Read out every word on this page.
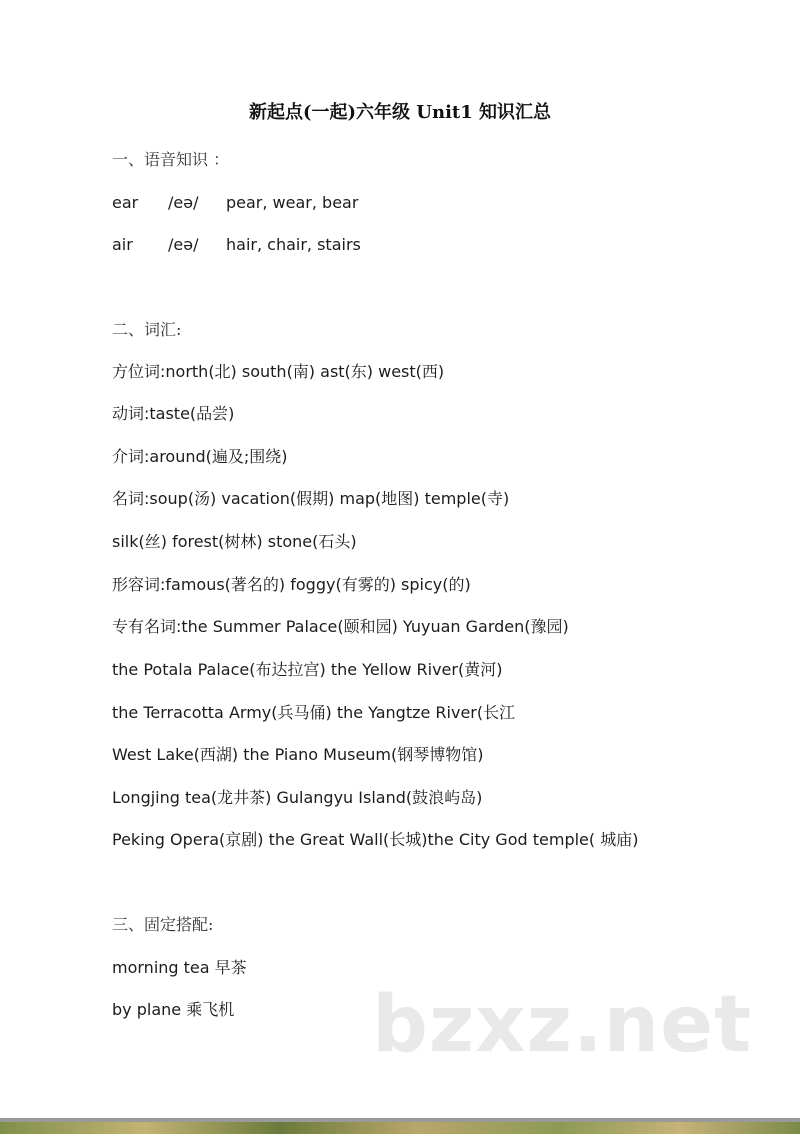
新起点(一起)六年级 Unit1 知识汇总
一、语音知识 ：
ear /eə/ pear, wear, bear
air /eə/ hair, chair, stairs
二、词汇:
方位词:north(北) south(南) ast(东) west(西)
动词:taste(品尝)
介词:around(遍及;围绕)
名词:soup(汤) vacation(假期) map(地图) temple(寺)
silk(丝) forest(树林) stone(石头)
形容词:famous(著名的) foggy(有雾的) spicy(的)
专有名词:the Summer Palace(颐和园) Yuyuan Garden(豫园)
the Potala Palace(布达拉宫) the Yellow River(黄河)
the Terracotta Army(兵马俑) the Yangtze River(长江
West Lake(西湖) the Piano Museum(钢琴博物馆)
Longjing tea(龙井茶) Gulangyu Island(鼓浪屿岛)
Peking Opera(京剧) the Great Wall(长城)the City God temple( 城庙)
三、固定搭配:
morning tea 早茶
by plane 乘飞机 bzxz.net
